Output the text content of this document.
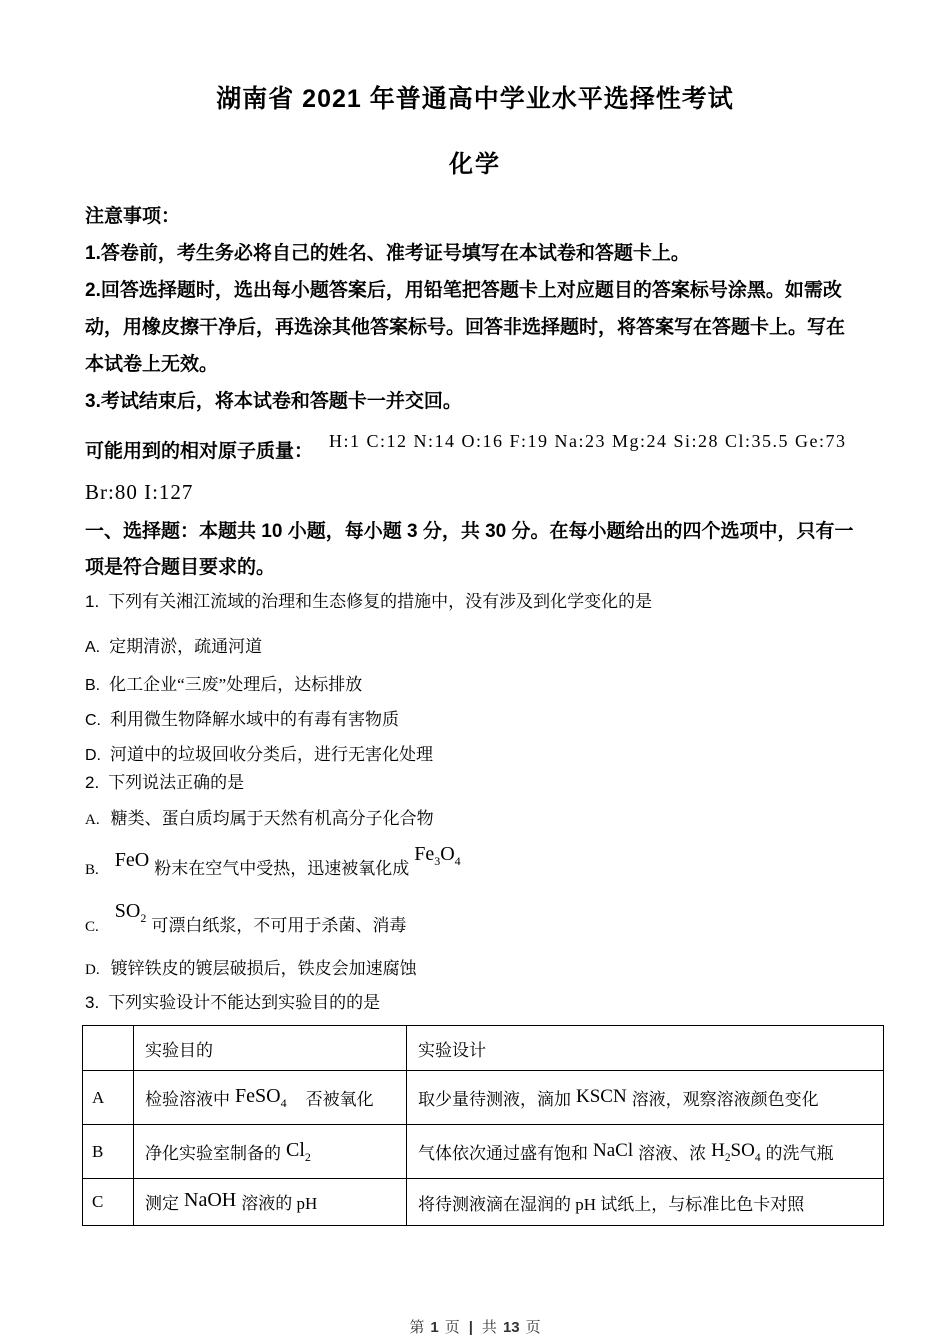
湖南省 2021 年普通高中学业水平选择性考试
化学
注意事项：
1.答卷前，考生务必将自己的姓名、准考证号填写在本试卷和答题卡上。
2.回答选择题时，选出每小题答案后，用铅笔把答题卡上对应题目的答案标号涂黑。如需改
动，用橡皮擦干净后，再选涂其他答案标号。回答非选择题时，将答案写在答题卡上。写在
本试卷上无效。
3.考试结束后，将本试卷和答题卡一并交回。
可能用到的相对原子质量： H:1 C:12 N:14 O:16 F:19 Na:23 Mg:24 Si:28 Cl:35.5 Ge:73
Br:80 I:127
一、选择题：本题共 10 小题，每小题 3 分，共 30 分。在每小题给出的四个选项中，只有一
项是符合题目要求的。
1. 下列有关湘江流域的治理和生态修复的措施中，没有涉及到化学变化的是
A. 定期清淤，疏通河道
B. 化工企业“三废”处理后，达标排放
C. 利用微生物降解水域中的有毒有害物质
D. 河道中的垃圾回收分类后，进行无害化处理
2. 下列说法正确的是
A. 糖类、蛋白质均属于天然有机高分子化合物
B. FeO 粉末在空气中受热，迅速被氧化成$Fe_3O_4$
$C.SO_2$ 可漂白纸浆，不可用于杀菌、消毒
D. 镀锌铁皮的镀层破损后，铁皮会加速腐蚀
3. 下列实验设计不能达到实验目的的是
	实验目的	实验设计
A	检验溶液中 FeSO$_4$ 否被氧化	取少量待测液，滴加 KSCN 溶液，观察溶液颜色变化
B	净化实验室制备的 $Cl_2$	气体依次通过盛有饱和 NaCl 溶液、浓 $H_2SO_4$ 的洗气瓶
C	测定 NaOH 溶液的 pH	将待测液滴在湿润的 pH 试纸上，与标准比色卡对照
第 1 页 | 共 13 页
